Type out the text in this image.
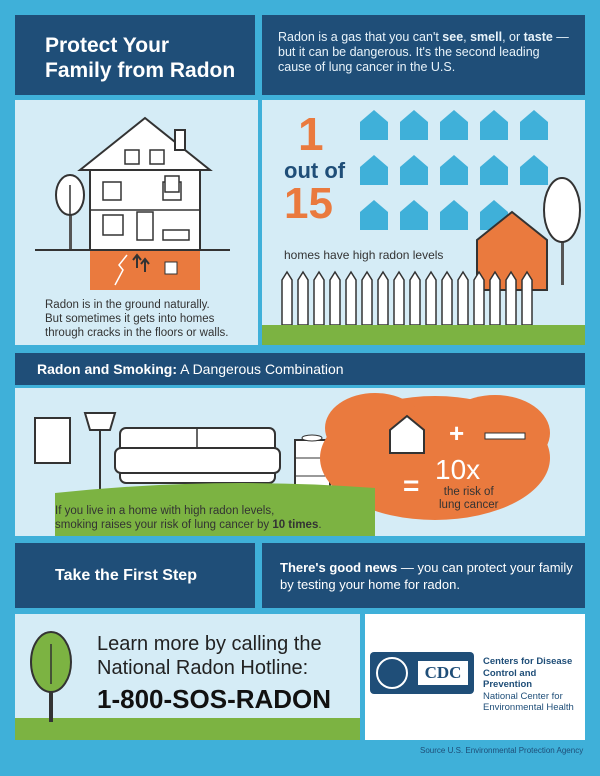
Protect Your
Family from Radon
Radon is a gas that you can't see, smell, or taste — but it can be dangerous. It's the second leading cause of lung cancer in the U.S.
Radon is in the ground naturally.
But sometimes it gets into homes
through cracks in the floors or walls.
1
out of
15
homes have high radon levels
Radon and Smoking: A Dangerous Combination
+
=
10x
the risk of
lung cancer
If you live in a home with high radon levels,
smoking raises your risk of lung cancer by 10 times.
Take the First Step	There's good news — you can protect your family by testing your home for radon.
Learn more by calling the
National Radon Hotline:
1-800-SOS-RADON
CDC
Centers for Disease
Control and Prevention
National Center for
Environmental Health
Source U.S. Environmental Protection Agency
